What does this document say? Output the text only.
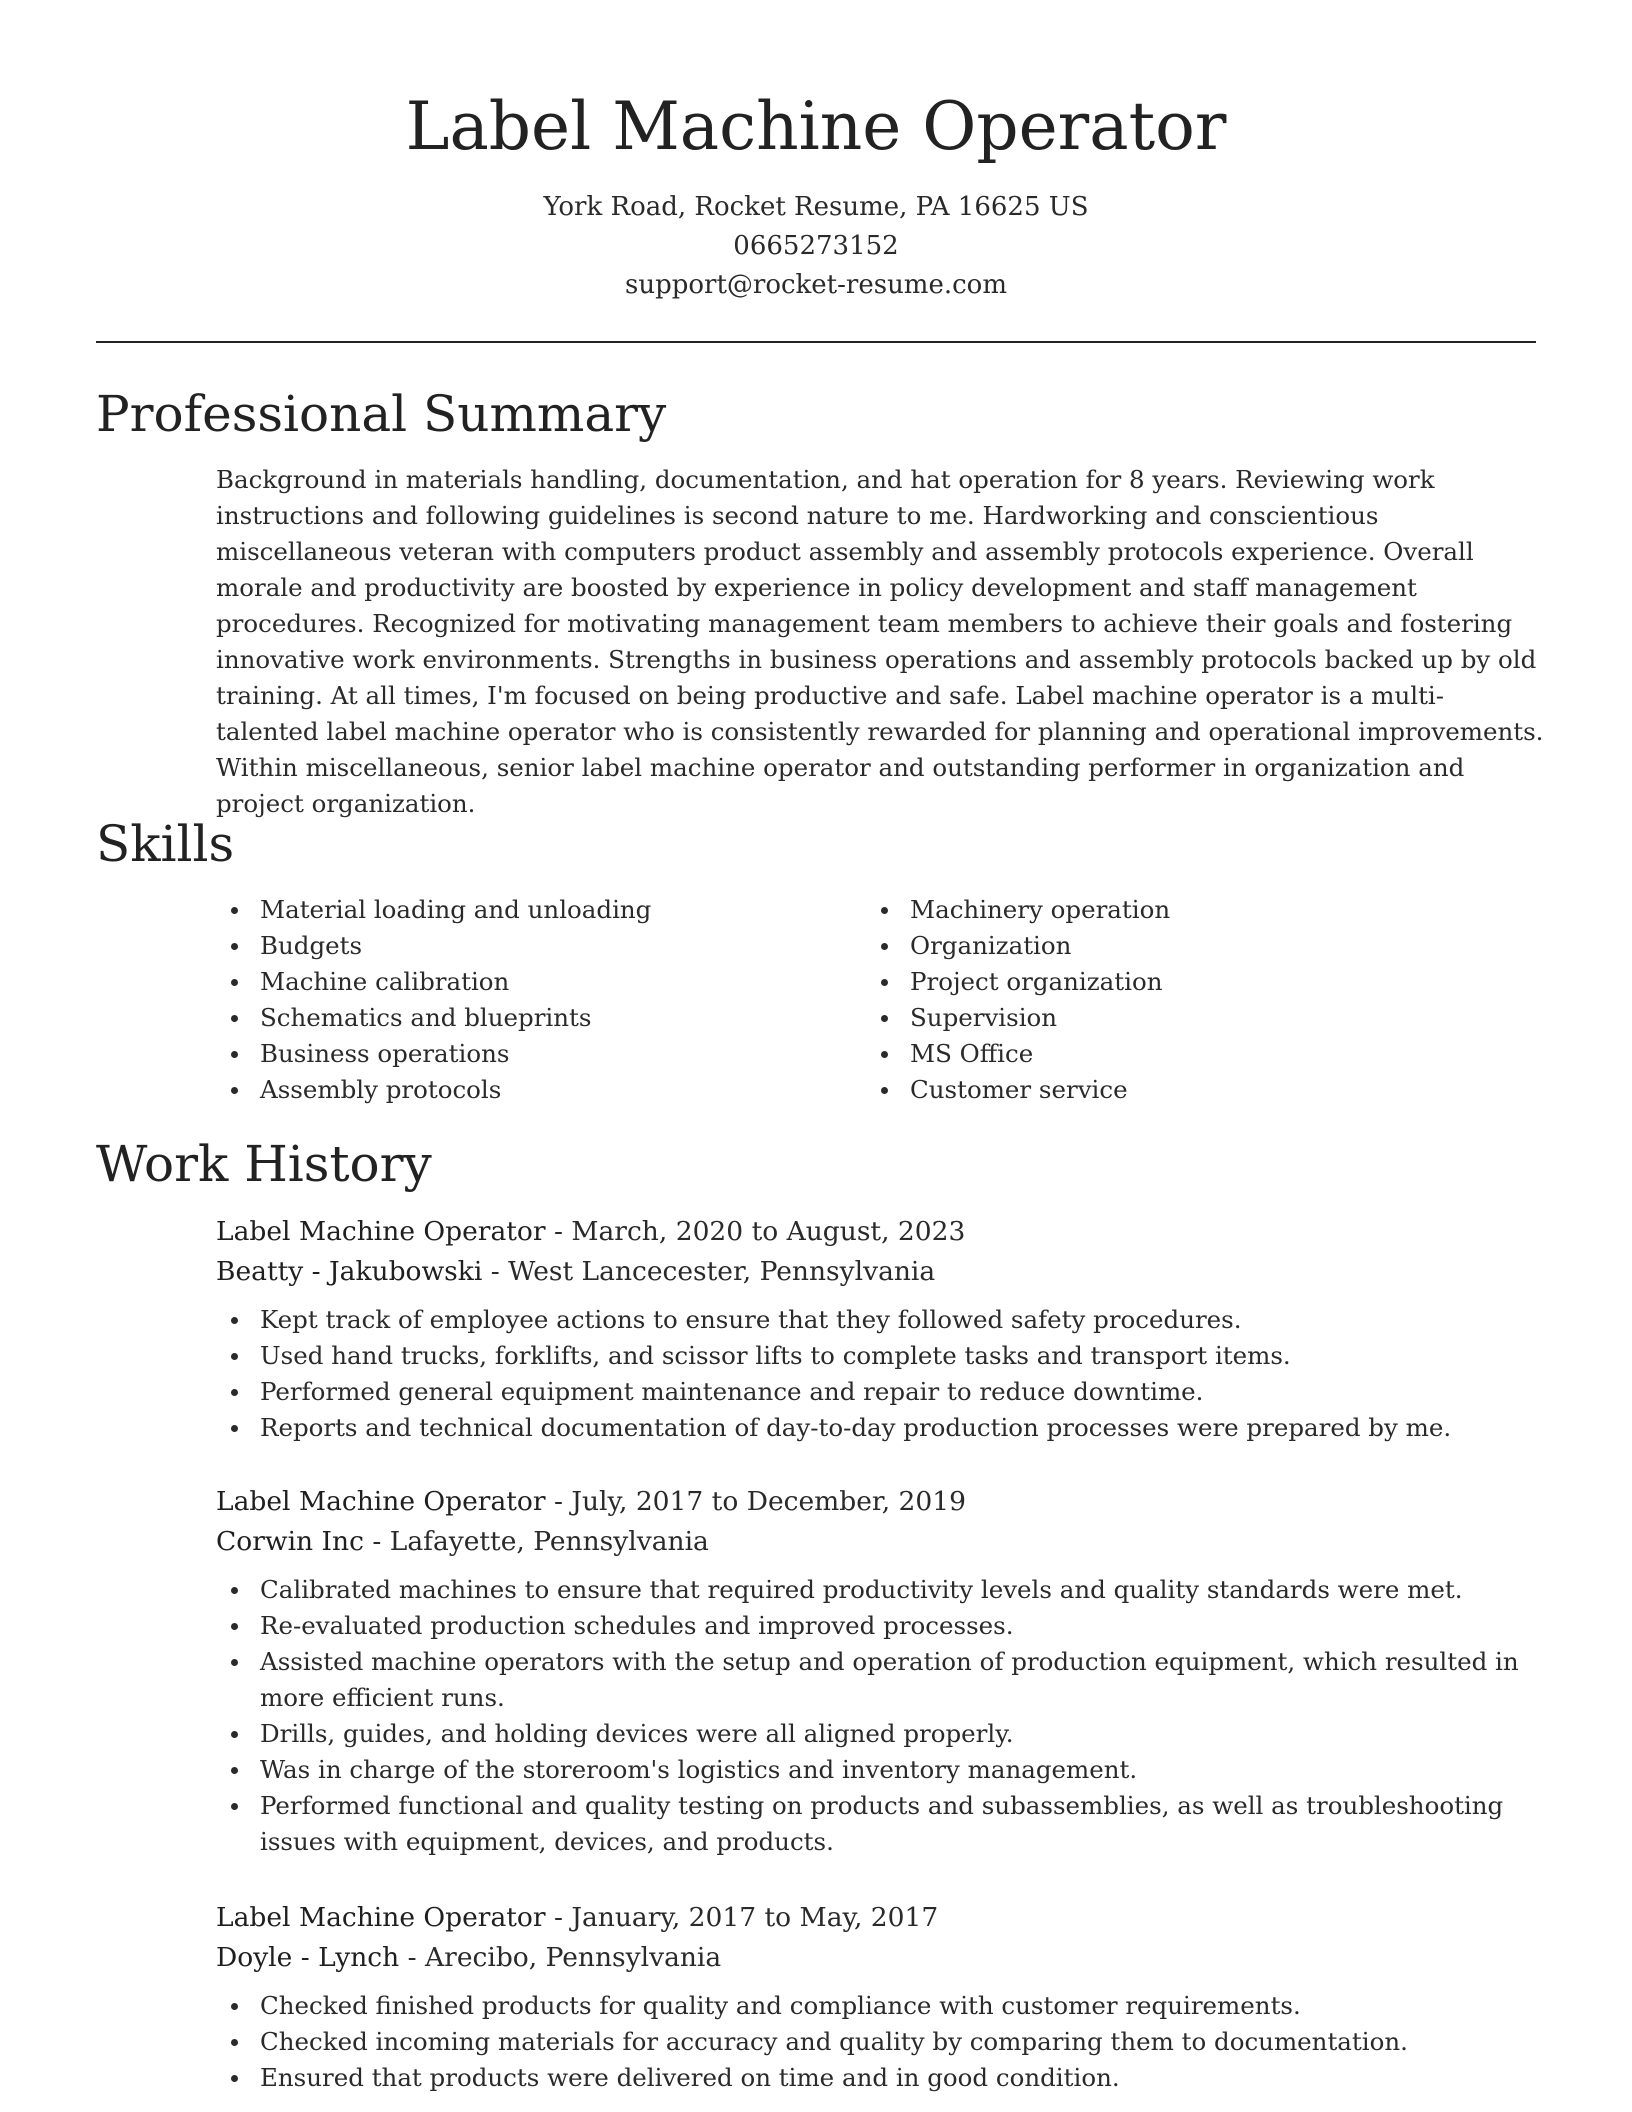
Label Machine Operator
York Road, Rocket Resume, PA 16625 US
0665273152
support@rocket-resume.com
Professional Summary

Background in materials handling, documentation, and hat operation for 8 years. Reviewing work instructions and following guidelines is second nature to me. Hardworking and conscientious miscellaneous veteran with computers product assembly and assembly protocols experience. Overall morale and productivity are boosted by experience in policy development and staff management procedures. Recognized for motivating management team members to achieve their goals and fostering innovative work environments. Strengths in business operations and assembly protocols backed up by old training. At all times, I'm focused on being productive and safe. Label machine operator is a multi-talented label machine operator who is consistently rewarded for planning and operational improvements. Within miscellaneous, senior label machine operator and outstanding performer in organization and project organization.

Skills
Material loading and unloading
Budgets
Machine calibration
Schematics and blueprints
Business operations
Assembly protocols
Machinery operation
Organization
Project organization
Supervision
MS Office
Customer service
Work History
Label Machine Operator - March, 2020 to August, 2023
Beatty - Jakubowski - West Lancecester, Pennsylvania
Kept track of employee actions to ensure that they followed safety procedures.
Used hand trucks, forklifts, and scissor lifts to complete tasks and transport items.
Performed general equipment maintenance and repair to reduce downtime.
Reports and technical documentation of day-to-day production processes were prepared by me.
Label Machine Operator - July, 2017 to December, 2019
Corwin Inc - Lafayette, Pennsylvania
Calibrated machines to ensure that required productivity levels and quality standards were met.
Re-evaluated production schedules and improved processes.
Assisted machine operators with the setup and operation of production equipment, which resulted in more efficient runs.
Drills, guides, and holding devices were all aligned properly.
Was in charge of the storeroom's logistics and inventory management.
Performed functional and quality testing on products and subassemblies, as well as troubleshooting issues with equipment, devices, and products.
Label Machine Operator - January, 2017 to May, 2017
Doyle - Lynch - Arecibo, Pennsylvania
Checked finished products for quality and compliance with customer requirements.
Checked incoming materials for accuracy and quality by comparing them to documentation.
Ensured that products were delivered on time and in good condition.
